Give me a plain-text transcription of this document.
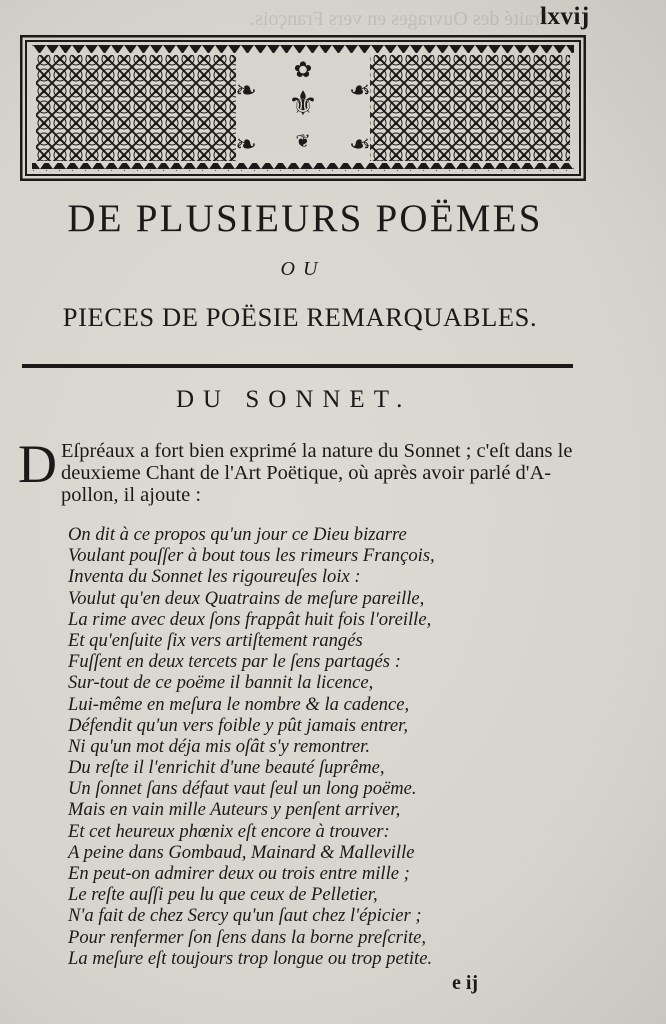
Traité des Ouvrages en vers François.
lxvij
✿
⚜
❦
❧
❧
❧
❧
DE PLUSIEURS POËMES
OU
PIECES DE POËSIE REMARQUABLES.
DU SONNET.
D Eſpréaux a fort bien exprimé la nature du Sonnet ; c'eſt dans le deuxieme Chant de l'Art Poëtique, où après avoir parlé d'A- pollon, il ajoute :
On dit à ce propos qu'un jour ce Dieu bizarre
Voulant pouſſer à bout tous les rimeurs François,
Inventa du Sonnet les rigoureuſes loix :
Voulut qu'en deux Quatrains de meſure pareille,
La rime avec deux ſons frappât huit fois l'oreille,
Et qu'enſuite ſix vers artiſtement rangés
Fuſſent en deux tercets par le ſens partagés :
Sur-tout de ce poëme il bannit la licence,
Lui-même en meſura le nombre & la cadence,
Défendit qu'un vers foible y pût jamais entrer,
Ni qu'un mot déja mis oſât s'y remontrer.
Du reſte il l'enrichit d'une beauté ſuprême,
Un ſonnet ſans défaut vaut ſeul un long poëme.
Mais en vain mille Auteurs y penſent arriver,
Et cet heureux phœnix eſt encore à trouver:
A peine dans Gombaud, Mainard & Malleville
En peut-on admirer deux ou trois entre mille ;
Le reſte auſſi peu lu que ceux de Pelletier,
N'a fait de chez Sercy qu'un ſaut chez l'épicier ;
Pour renfermer ſon ſens dans la borne preſcrite,
La meſure eſt toujours trop longue ou trop petite.
e ij
